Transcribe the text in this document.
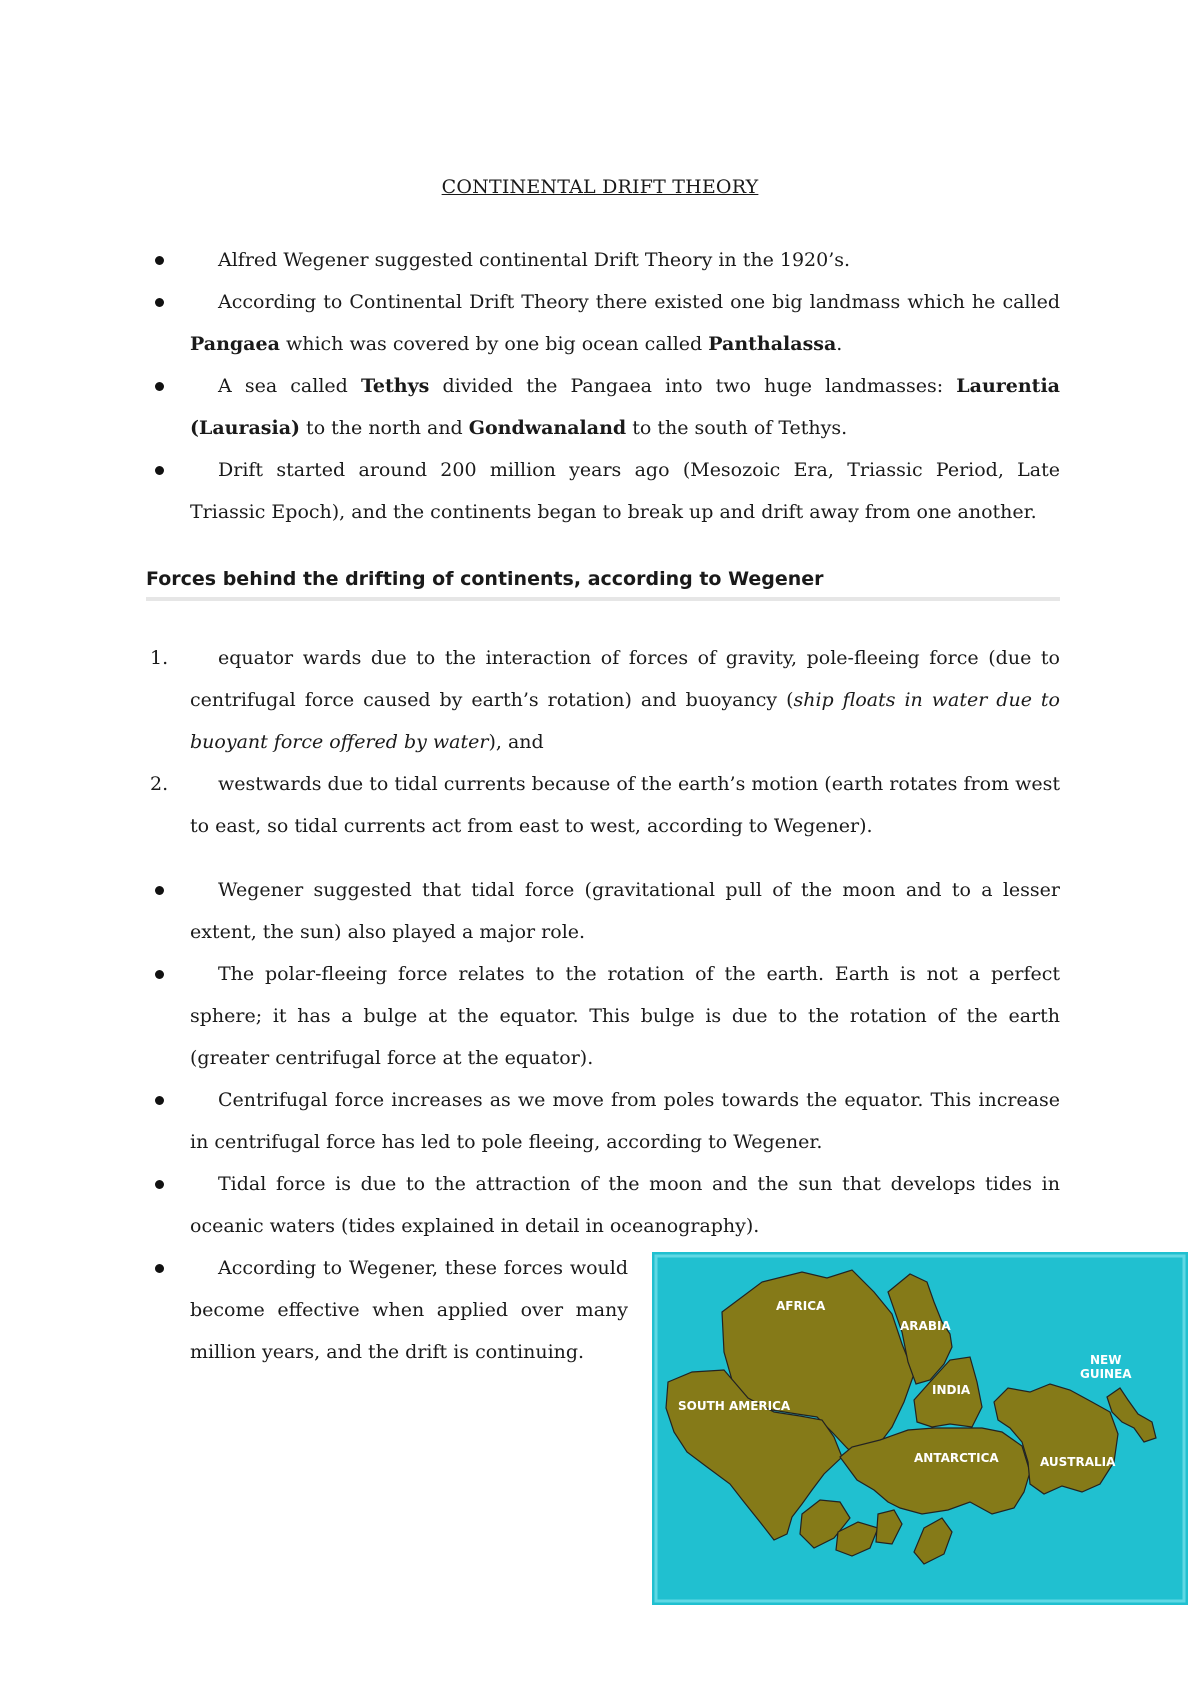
CONTINENTAL DRIFT THEORY

Alfred Wegener suggested continental Drift Theory in the 1920’s.

According to Continental Drift Theory there existed one big landmass which he called Pangaea which was covered by one big ocean called Panthalassa.

A sea called Tethys divided the Pangaea into two huge landmasses: Laurentia (Laurasia) to the north and Gondwanaland to the south of Tethys.

Drift started around 200 million years ago (Mesozoic Era, Triassic Period, Late Triassic Epoch), and the continents began to break up and drift away from one another.

Forces behind the drifting of continents, according to Wegener
1.	equator wards due to the interaction of forces of gravity, pole-fleeing force (due to centrifugal force caused by earth’s rotation) and buoyancy (ship floats in water due to buoyant force offered by water), and

2.	westwards due to tidal currents because of the earth’s motion (earth rotates from west to east, so tidal currents act from east to west, according to Wegener).

Wegener suggested that tidal force (gravitational pull of the moon and to a lesser extent, the sun) also played a major role.

The polar-fleeing force relates to the rotation of the earth. Earth is not a perfect sphere; it has a bulge at the equator. This bulge is due to the rotation of the earth (greater centrifugal force at the equator).

Centrifugal force increases as we move from poles towards the equator. This increase in centrifugal force has led to pole fleeing, according to Wegener.

Tidal force is due to the attraction of the moon and the sun that develops tides in oceanic waters (tides explained in detail in oceanography).

According to Wegener, these forces would become effective when applied over many million years, and the drift is continuing.

AFRICA
ARABIA
INDIA
NEW
GUINEA
SOUTH AMERICA
ANTARCTICA	AUSTRALIA
